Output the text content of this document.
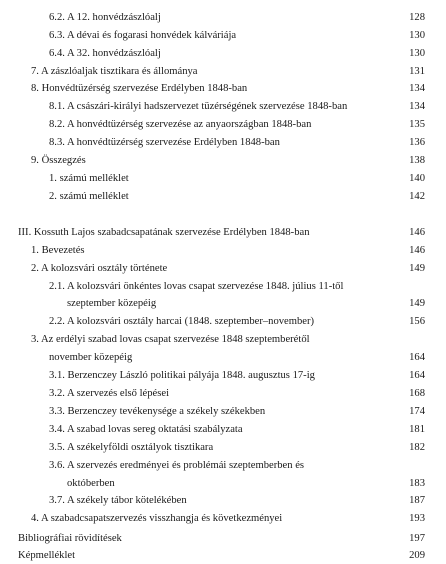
6.2. A 12. honvédzászlóalj	128
6.3. A dévai és fogarasi honvédek kálváriája	130
6.4. A 32. honvédzászlóalj	130
7. A zászlóaljak tisztikara és állománya	131
8. Honvédtüzérség szervezése Erdélyben 1848-ban	134
8.1. A császári-királyi hadszervezet tüzérségének szervezése 1848-ban	134
8.2. A honvédtüzérség szervezése az anyaországban 1848-ban	135
8.3. A honvédtüzérség szervezése Erdélyben 1848-ban	136
9. Összegzés	138
1. számú melléklet	140
2. számú melléklet	142
III. Kossuth Lajos szabadcsapatának szervezése Erdélyben 1848-ban	146
1. Bevezetés	146
2. A kolozsvári osztály története	149
2.1. A kolozsvári önkéntes lovas csapat szervezése 1848. július 11-től
szeptember közepéig	149
2.2. A kolozsvári osztály harcai (1848. szeptember–november)	156
3. Az erdélyi szabad lovas csapat szervezése 1848 szeptemberétől
november közepéig	164
3.1. Berzenczey László politikai pályája 1848. augusztus 17-ig	164
3.2. A szervezés első lépései	168
3.3. Berzenczey tevékenysége a székely székekben	174
3.4. A szabad lovas sereg oktatási szabályzata	181
3.5. A székelyföldi osztályok tisztikara	182
3.6. A szervezés eredményei és problémái szeptemberben és
októberben	183
3.7. A székely tábor kötelékében	187
4. A szabadcsapatszervezés visszhangja és következményei	193
Bibliográfiai rövidítések	197
Képmelléklet	209
